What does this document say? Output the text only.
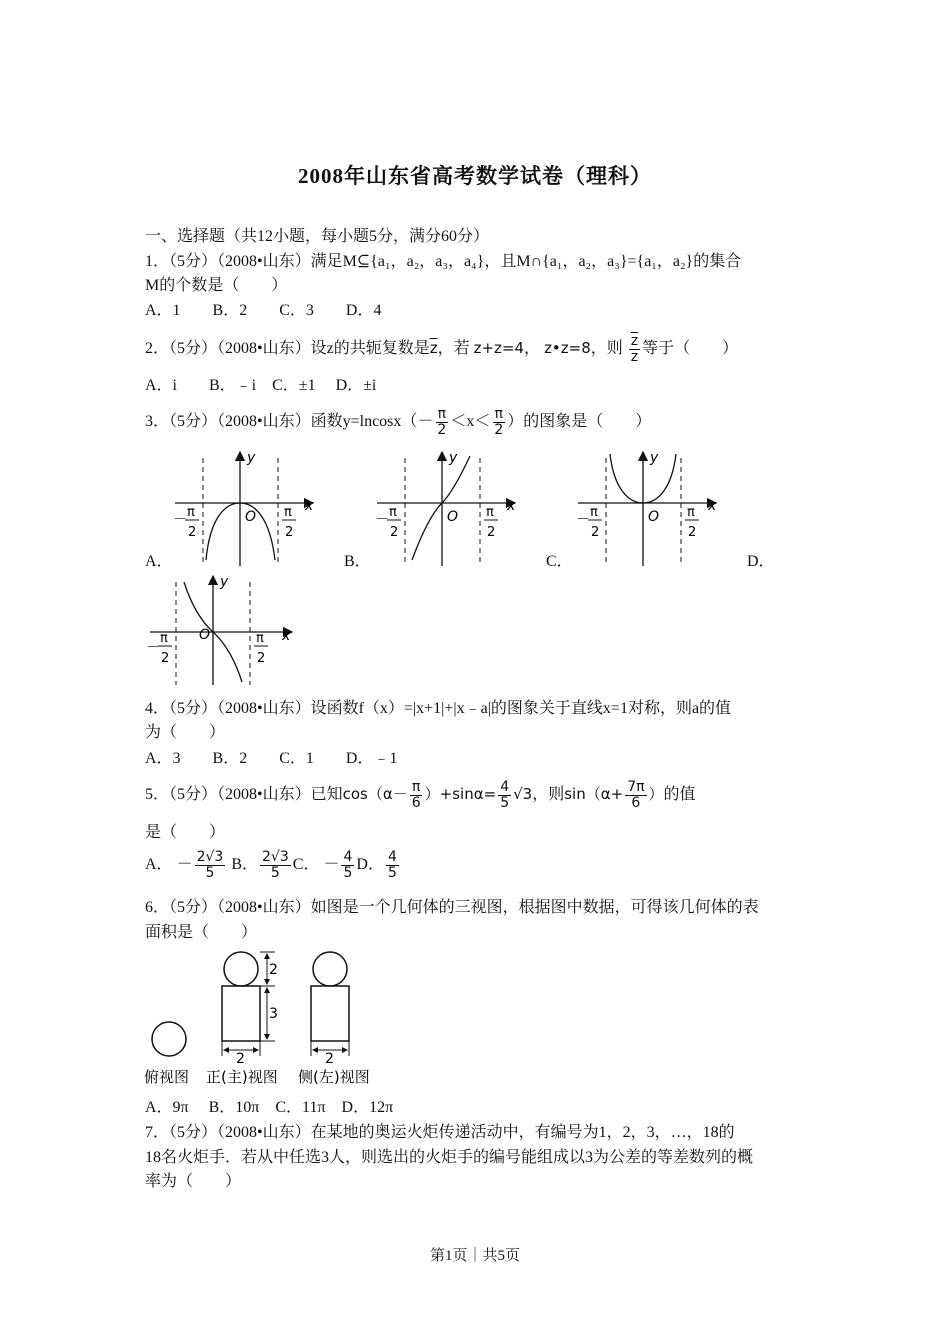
2008年山东省高考数学试卷（理科）
一、选择题（共12小题，每小题5分，满分60分）
1．（5分）（2008•山东）满足M⊆{a₁，a₂，a₃，a₄}，且M∩{a₁，a₂，a₃}={a₁，a₂}的集合
M的个数是（　　）
A．1　　B．2　　C．3　　D．4
2．（5分）（2008•山东）设z的共轭复数是$\overline{z}$，若 z+z=4， z•z=8，则 $\frac{\overline{z}}{z}$ 等于（　　）
A．i　　B．﹣i　C．±1　 D．±i
3．（5分）（2008•山东）函数$y=lncosx(- \frac{\pi}{2} <x< \frac{\pi}{2}$ ）的图象是（　　）
x
y
O
－ π
2
π
2
A．
x
y
O
－ π
2
π
2
B．
x
y
O
－ π
2
π
2
C．	D．
x
y
O
－
π
2
π
2
4．（5分）（2008•山东）设函数f（x）=|x+1|+|x﹣a|的图象关于直线x=1对称，则a的值
为（　　）
A．3　　B．2　　C．1　　D．﹣1
5．（5分）（2008•山东）已知$\cos(\alpha- \frac{\pi}{6} )+\sin\alpha= \frac{4}{5} √3$，则$\sin(\alpha+ \frac{7\pi}{6}$ ）的值
是（　　）
A． － $\frac{2√3}{5}$ B． $\frac{2√3}{5}$ C． － $\frac{4}{5}$ D． $\frac{4}{5}$
6．（5分）（2008•山东）如图是一个几何体的三视图，根据图中数据，可得该几何体的表
面积是（　　）
2
3
2	2
俯视图 正(主)视图 侧(左)视图
A．9π　 B．10π　C．11π　D．12π
7．（5分）（2008•山东）在某地的奥运火炬传递活动中，有编号为1，2，3，…，18的
18名火炬手．若从中任选3人，则选出的火炬手的编号能组成以3为公差的等差数列的概
率为（　　）
第1页｜共5页
